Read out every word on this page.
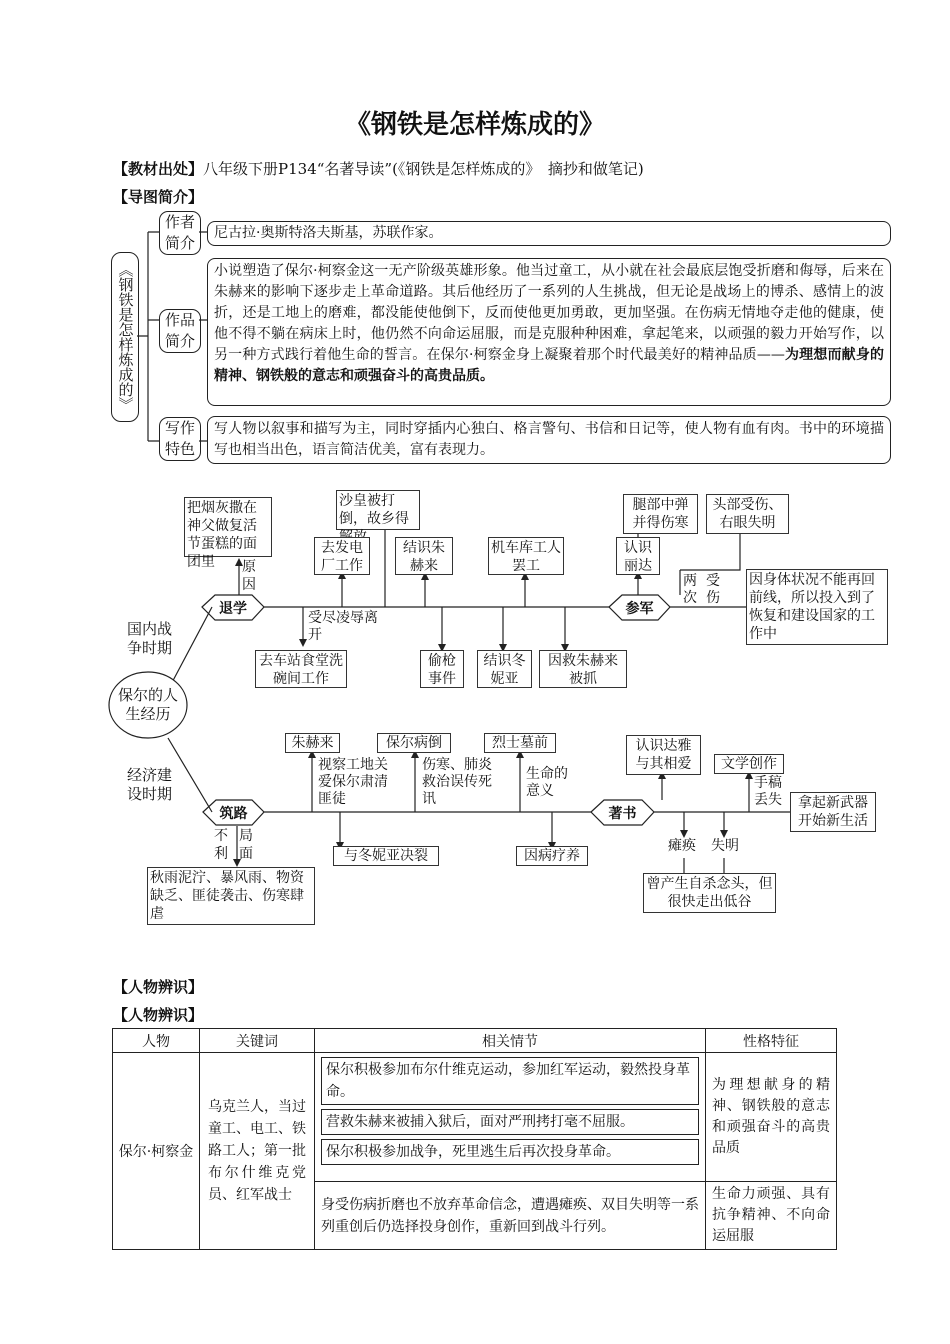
《钢铁是怎样炼成的》
【教材出处】八年级下册P134“名著导读”(《钢铁是怎样炼成的》　摘抄和做笔记)
【导图简介】
《钢铁是怎样炼成的》
作者简介
尼古拉·奥斯特洛夫斯基，苏联作家。
作品简介
小说塑造了保尔·柯察金这一无产阶级英雄形象。他当过童工，从小就在社会最底层饱受折磨和侮辱，后来在朱赫来的影响下逐步走上革命道路。其后他经历了一系列的人生挑战，但无论是战场上的博杀、感情上的波折，还是工地上的磨难，都没能使他倒下，反而使他更加勇敢，更加坚强。在伤病无情地夺走他的健康，使他不得不躺在病床上时，他仍然不向命运屈服，而是克服种种困难，拿起笔来，以顽强的毅力开始写作，以另一种方式践行着他生命的誓言。在保尔·柯察金身上凝聚着那个时代最美好的精神品质——为理想而献身的精神、钢铁般的意志和顽强奋斗的高贵品质。
写作特色
写人物以叙事和描写为主，同时穿插内心独白、格言警句、书信和日记等，使人物有血有肉。书中的环境描写也相当出色，语言简洁优美，富有表现力。
保尔的人生经历
国内战争时期
经济建设时期
退学	参军
筑路	著书
把烟灰撒在神父做复活节蛋糕的面团里	原因
沙皇被打倒，故乡得
去发电厂工作
结识朱赫来
机车库工人罢工
腿部中弹并得伤寒
头部受伤、右眼失明
认识丽达
两次
受伤
因身体状况不能再回前线，所以投入到了恢复和建设国家的工作中
受尽凌辱离开
去车站食堂洗碗间工作
偷枪事件
结识冬妮亚
因救朱赫来被抓
朱赫来
视察工地关爱保尔肃清匪徒
保尔病倒
伤寒、肺炎救治误传死讯
烈士墓前
生命的意义
认识达雅与其相爱	文学创作
手稿丢失	拿起新武器开始新生活
不利
局面	与冬妮亚决裂	因病疗养
瘫痪	失明
秋雨泥泞、暴风雨、物资缺乏、匪徒袭击、伤寒肆虐
曾产生自杀念头，但很快走出低谷
【人物辨识】
【人物辨识】
人物	关键词	相关情节	性格特征
保尔·柯察金	乌克兰人，当过童工、电工、铁路工人；第一批布尔什维克党员、红军战士	保尔积极参加布尔什维克运动，参加红军运动，毅然投身革命。
营救朱赫来被捕入狱后，面对严刑拷打毫不屈服。
保尔积极参加战争，死里逃生后再次投身革命。	为理想献身的精神、钢铁般的意志和顽强奋斗的高贵品质

		身受伤病折磨也不放弃革命信念，遭遇瘫痪、双目失明等一系列重创后仍选择投身创作，重新回到战斗行列。	生命力顽强、具有抗争精神、不向命运屈服
